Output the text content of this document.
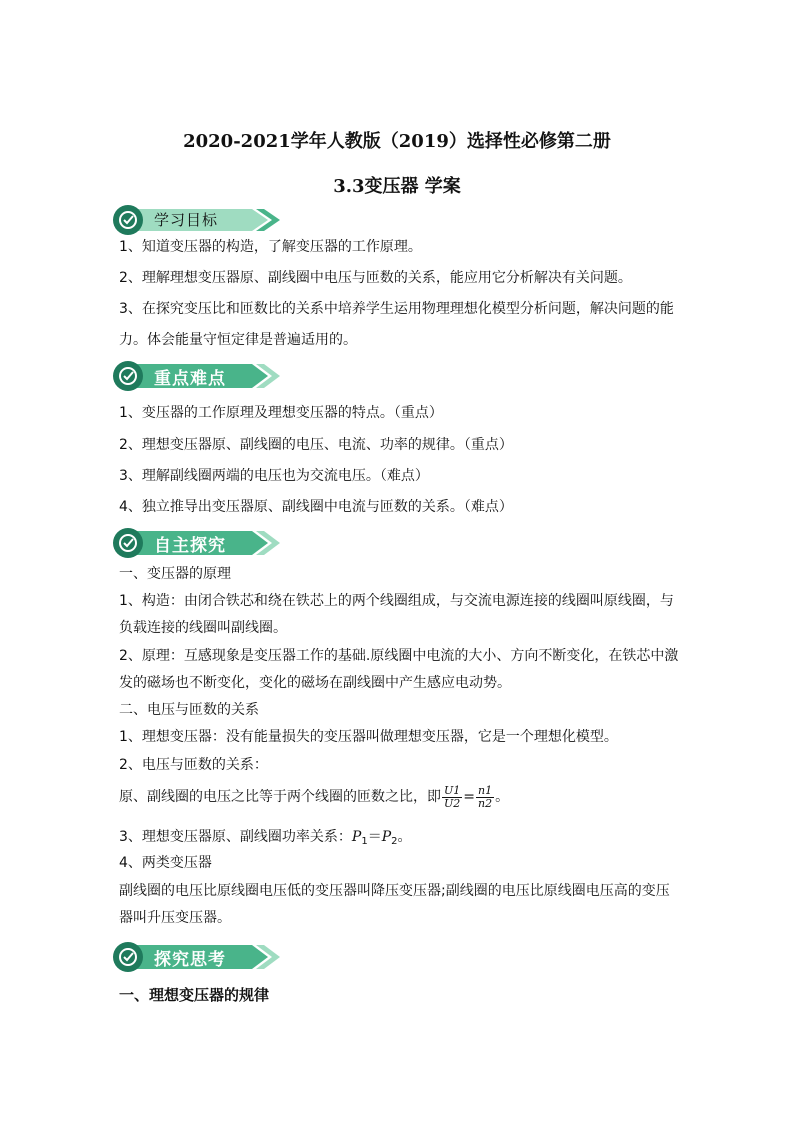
2020-2021学年人教版（2019）选择性必修第二册
3.3变压器 学案
学习目标
1、知道变压器的构造，了解变压器的工作原理。
2、理解理想变压器原、副线圈中电压与匝数的关系，能应用它分析解决有关问题。
3、在探究变压比和匝数比的关系中培养学生运用物理理想化模型分析问题，解决问题的能
力。体会能量守恒定律是普遍适用的。
重点难点
1、变压器的工作原理及理想变压器的特点。（重点）
2、理想变压器原、副线圈的电压、电流、功率的规律。（重点）
3、理解副线圈两端的电压也为交流电压。（难点）
4、独立推导出变压器原、副线圈中电流与匝数的关系。（难点）
自主探究
一、变压器的原理
1、构造：由闭合铁芯和绕在铁芯上的两个线圈组成，与交流电源连接的线圈叫原线圈，与
负载连接的线圈叫副线圈。
2、原理：互感现象是变压器工作的基础.原线圈中电流的大小、方向不断变化，在铁芯中激
发的磁场也不断变化，变化的磁场在副线圈中产生感应电动势。
二、电压与匝数的关系
1、理想变压器：没有能量损失的变压器叫做理想变压器，它是一个理想化模型。
2、电压与匝数的关系：
原、副线圈的电压之比等于两个线圈的匝数之比，即 $\frac{U1}{U2} = \frac{n1}{n2}$ 。
3、理想变压器原、副线圈功率关系：$P_1=P_2$。
4、两类变压器
副线圈的电压比原线圈电压低的变压器叫降压变压器;副线圈的电压比原线圈电压高的变压
器叫升压变压器。
探究思考
一、理想变压器的规律
